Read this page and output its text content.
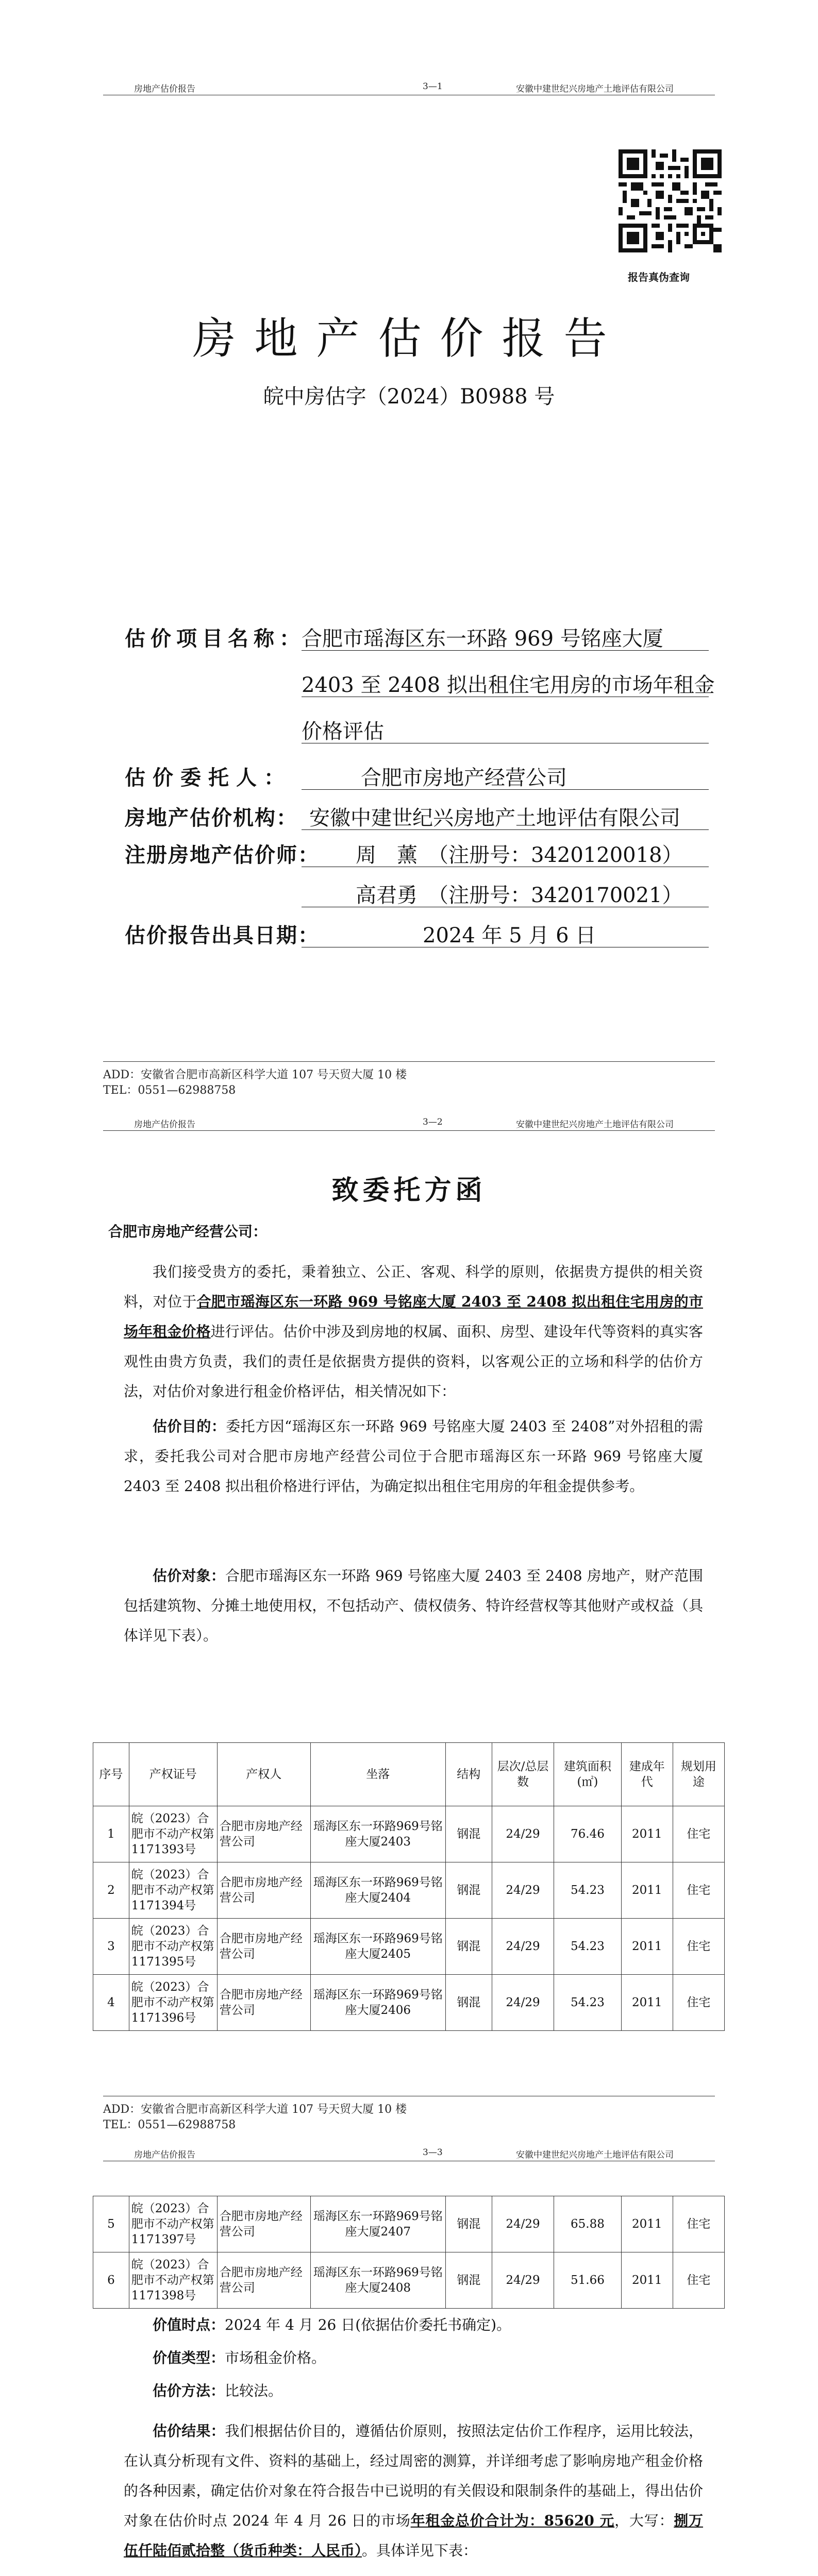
房地产估价报告	3—1	安徽中建世纪兴房地产土地评估有限公司
报告真伪查询
房地产估价报告
皖中房估字（2024）B0988 号
估价项目名称：
合肥市瑶海区东一环路 969 号铭座大厦
2403 至 2408 拟出租住宅用房的市场年租金
价格评估
估价委托人：	合肥市房地产经营公司
房地产估价机构： 安徽中建世纪兴房地产土地评估有限公司
注册房地产估价师： 周　薰　（注册号：3420120018）
高君勇　（注册号：3420170021）
估价报告出具日期：	2024 年 5 月 6 日
ADD：安徽省合肥市高新区科学大道 107 号天贸大厦 10 楼
TEL：0551—62988758
房地产估价报告	3—2	安徽中建世纪兴房地产土地评估有限公司
致委托方函
合肥市房地产经营公司：
我们接受贵方的委托，秉着独立、公正、客观、科学的原则，依据贵方提供的相关资料，对位于合肥市瑶海区东一环路 969 号铭座大厦 2403 至 2408 拟出租住宅用房的市场年租金价格进行评估。估价中涉及到房地的权属、面积、房型、建设年代等资料的真实客观性由贵方负责，我们的责任是依据贵方提供的资料，以客观公正的立场和科学的估价方法，对估价对象进行租金价格评估，相关情况如下：
估价目的：委托方因“瑶海区东一环路 969 号铭座大厦 2403 至 2408”对外招租的需求，委托我公司对合肥市房地产经营公司位于合肥市瑶海区东一环路 969 号铭座大厦 2403 至 2408 拟出租价格进行评估，为确定拟出租住宅用房的年租金提供参考。
估价对象：合肥市瑶海区东一环路 969 号铭座大厦 2403 至 2408 房地产，财产范围包括建筑物、分摊土地使用权，不包括动产、债权债务、特许经营权等其他财产或权益（具体详见下表）。
序号	产权证号	产权人	坐落	结构	层次/总层数	建筑面积(㎡)	建成年代	规划用途
1	皖（2023）合肥市不动产权第1171393号	合肥市房地产经营公司	瑶海区东一环路969号铭座大厦2403	钢混	24/29	76.46	2011	住宅
2	皖（2023）合肥市不动产权第1171394号	合肥市房地产经营公司	瑶海区东一环路969号铭座大厦2404	钢混	24/29	54.23	2011	住宅
3	皖（2023）合肥市不动产权第1171395号	合肥市房地产经营公司	瑶海区东一环路969号铭座大厦2405	钢混	24/29	54.23	2011	住宅
4	皖（2023）合肥市不动产权第1171396号	合肥市房地产经营公司	瑶海区东一环路969号铭座大厦2406	钢混	24/29	54.23	2011	住宅
ADD：安徽省合肥市高新区科学大道 107 号天贸大厦 10 楼
TEL：0551—62988758
房地产估价报告	3—3	安徽中建世纪兴房地产土地评估有限公司
5	皖（2023）合肥市不动产权第1171397号	合肥市房地产经营公司	瑶海区东一环路969号铭座大厦2407	钢混	24/29	65.88	2011	住宅
6	皖（2023）合肥市不动产权第1171398号	合肥市房地产经营公司	瑶海区东一环路969号铭座大厦2408	钢混	24/29	51.66	2011	住宅
价值时点：2024 年 4 月 26 日(依据估价委托书确定)。
价值类型：市场租金价格。
估价方法：比较法。
估价结果：我们根据估价目的，遵循估价原则，按照法定估价工作程序，运用比较法，在认真分析现有文件、资料的基础上，经过周密的测算，并详细考虑了影响房地产租金价格的各种因素，确定估价对象在符合报告中已说明的有关假设和限制条件的基础上，得出估价对象在估价时点 2024 年 4 月 26 日的市场年租金总价合计为：85620 元，大写：捌万伍仟陆佰贰拾整（货币种类：人民币）。具体详见下表：
